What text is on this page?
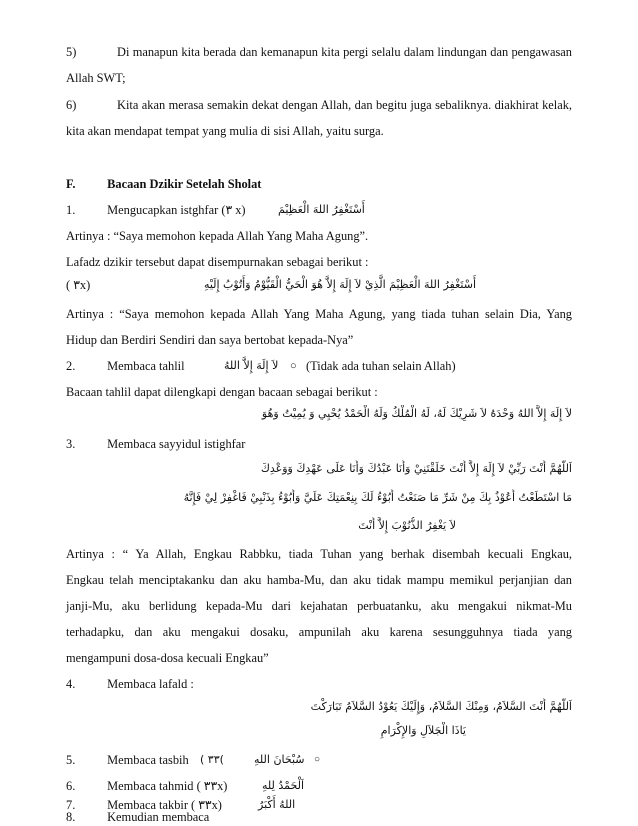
5)	Di manapun kita berada dan kemanapun kita pergi selalu dalam lindungan dan pengawasan
Allah SWT;
6)	Kita akan merasa semakin dekat dengan Allah, dan begitu juga sebaliknya. diakhirat kelak,
kita akan mendapat tempat yang mulia di sisi Allah, yaitu surga.
F.	Bacaan Dzikir Setelah Sholat
1.	Mengucapkan istghfar (٣ x)	أَسْتَغْفِرُ اللهَ الْعَظِيْمَ
Artinya : “Saya memohon kepada Allah Yang Maha Agung”.
Lafadz dzikir tersebut dapat disempurnakan sebagai berikut :
( ٣x)	أَسْتَغْفِرُ اللهَ الْعَظِيْمَ الَّذِيْ لاَ إِلَهَ إِلاَّ هُوَ الْحَيُّ الْقَيُّوْمُ وَأَتُوْبُ إِلَيْهِ
Artinya : “Saya memohon kepada Allah Yang Maha Agung, yang tiada tuhan selain Dia, Yang
Hidup dan Berdiri Sendiri dan saya bertobat kepada-Nya”
2.	Membaca tahlil	لاَ إِلَهَ إِلاَّ اللهُ ○ (Tidak ada tuhan selain Allah)
Bacaan tahlil dapat dilengkapi dengan bacaan sebagai berikut :
لاَ إِلَهَ إِلاَّ اللهُ وَحْدَهُ لاَ شَرِيْكَ لَهُ، لَهُ الْمُلْكُ وَلَهُ الْحَمْدُ يُحْيِي وَ يُمِيْتُ وَهُوَ
3.	Membaca sayyidul istighfar
اَللَّهُمَّ أَنْتَ رَبِّيْ لاَ إِلَهَ إِلاَّ أَنْتَ خَلَقْتَنِيْ وَأَنَا عَبْدُكَ وَأَنَا عَلَى عَهْدِكَ وَوَعْدِكَ
مَا اسْتَطَعْتُ أَعُوْذُ بِكَ مِنْ شَرِّ مَا صَنَعْتُ أَبُوْءُ لَكَ بِنِعْمَتِكَ عَلَيَّ وَأَبُوْءُ بِذَنْبِيْ فَاغْفِرْ لِيْ فَإِنَّهُ
لاَ يَغْفِرُ الذُّنُوْبَ إِلاَّ أَنْتَ
Artinya : “ Ya Allah, Engkau Rabbku, tiada Tuhan yang berhak disembah kecuali Engkau,
Engkau telah menciptakanku dan aku hamba-Mu, dan aku tidak mampu memikul perjanjian dan
janji-Mu, aku berlidung kepada-Mu dari kejahatan perbuatanku, aku mengakui nikmat-Mu
terhadapku, dan aku mengakui dosaku, ampunilah aku karena sesungguhnya tiada yang
mengampuni dosa-dosa kecuali Engkau”
4.	Membaca lafald :
اَللَّهُمَّ أَنْتَ السَّلاَمُ، وَمِنْكَ السَّلاَمُ، وَإِلَيْكَ يَعُوْدُ السَّلاَمُ تَبَارَكْتَ
يَاذَا الْجَلاَلِ وَالإِكْرَامِ
5.	Membaca tasbih )٣٣ )	سُبْحَانَ اللهِ ○
6.	Membaca tahmid ( ٣٣x)	اَلْحَمْدُ لِلهِ
7.	Membaca takbir ( ٣٣x)	اللهُ أَكْبَرُ
8.	Kemudian membaca
